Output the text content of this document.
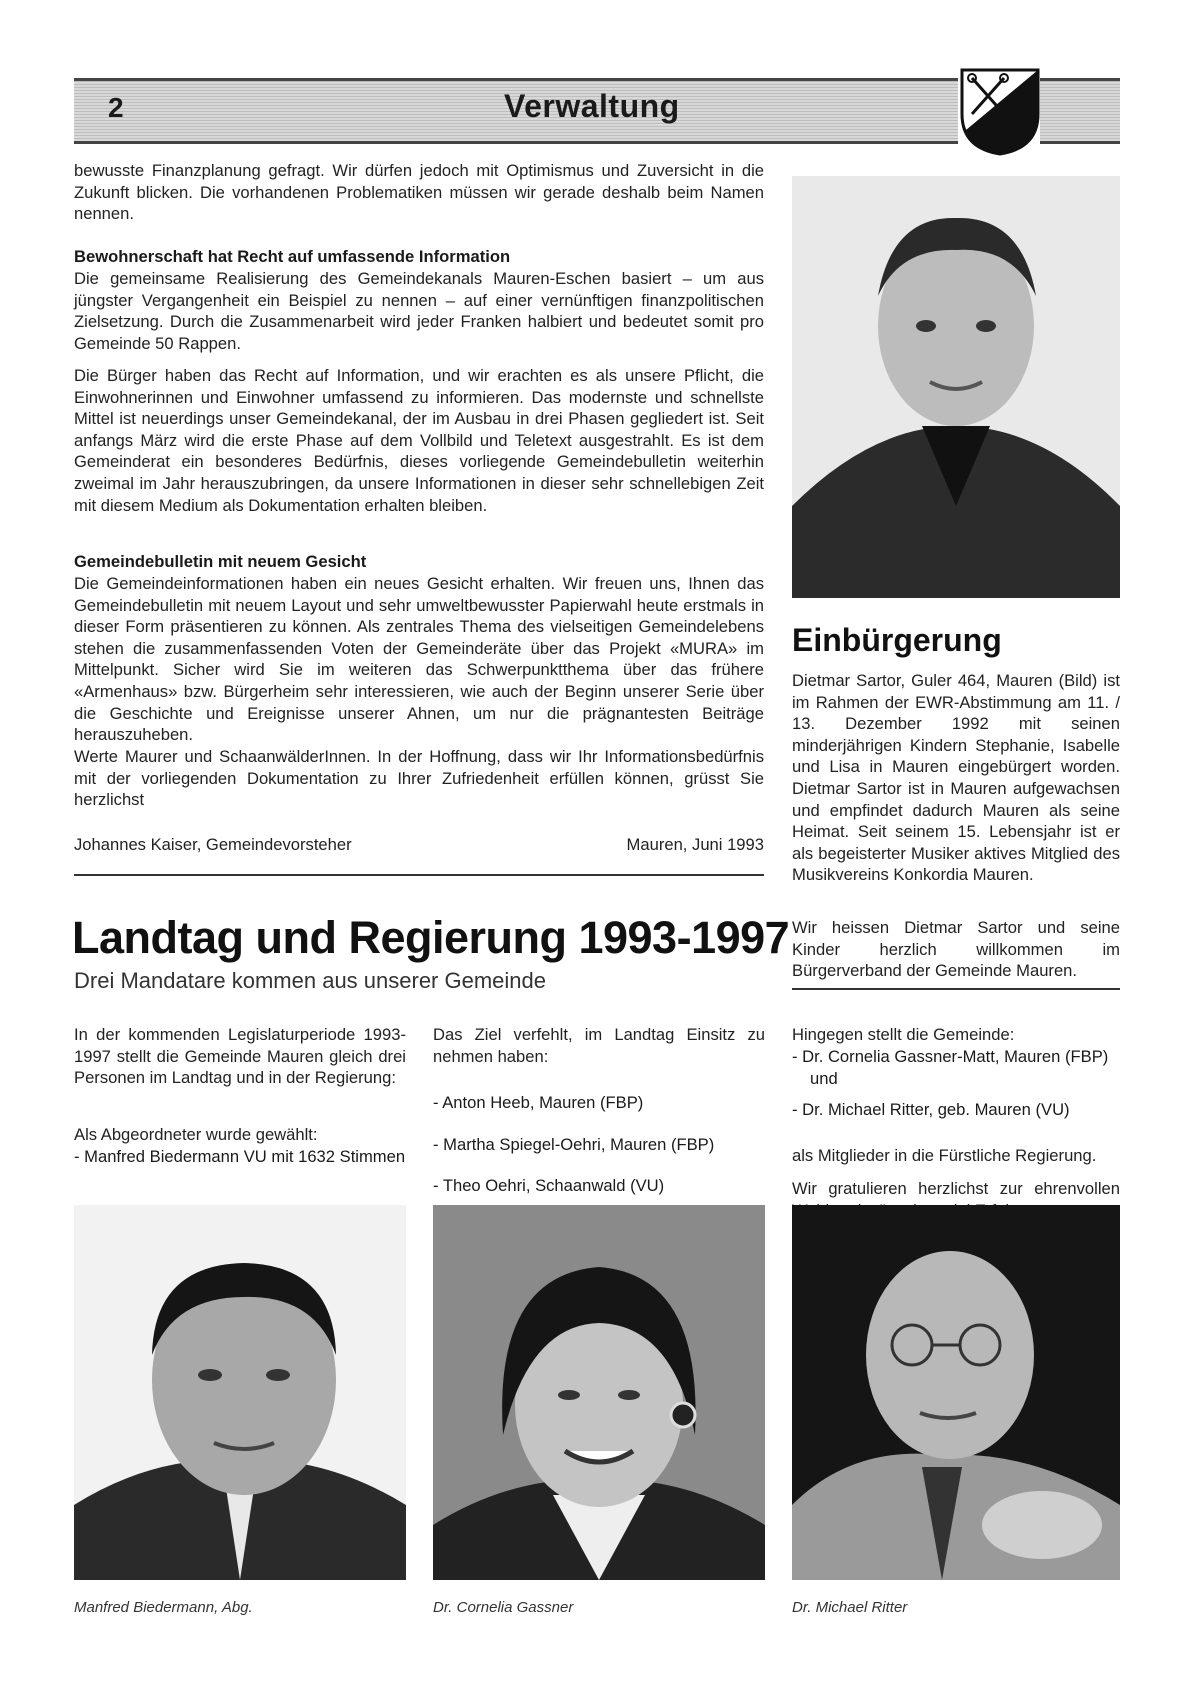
2	Verwaltung

bewusste Finanzplanung gefragt. Wir dürfen jedoch mit Optimismus und Zuversicht in die Zukunft blicken. Die vorhandenen Problematiken müssen wir gerade deshalb beim Namen nennen.

Bewohnerschaft hat Recht auf umfassende Information

Die gemeinsame Realisierung des Gemeindekanals Mauren-Eschen basiert – um aus jüngster Vergangenheit ein Beispiel zu nennen – auf einer vernünftigen finanzpolitischen Zielsetzung. Durch die Zusammenarbeit wird jeder Franken halbiert und bedeutet somit pro Gemeinde 50 Rappen.

Die Bürger haben das Recht auf Information, und wir erachten es als unsere Pflicht, die Einwohnerinnen und Einwohner umfassend zu informieren. Das modernste und schnellste Mittel ist neuerdings unser Gemeindekanal, der im Ausbau in drei Phasen gegliedert ist. Seit anfangs März wird die erste Phase auf dem Vollbild und Teletext ausgestrahlt. Es ist dem Gemeinderat ein besonderes Bedürfnis, dieses vorliegende Gemeindebulletin weiterhin zweimal im Jahr herauszubringen, da unsere Informationen in dieser sehr schnellebigen Zeit mit diesem Medium als Dokumentation erhalten bleiben.

Gemeindebulletin mit neuem Gesicht

Die Gemeindeinformationen haben ein neues Gesicht erhalten. Wir freuen uns, Ihnen das Gemeindebulletin mit neuem Layout und sehr umweltbewusster Papierwahl heute erstmals in dieser Form präsentieren zu können. Als zentrales Thema des vielseitigen Gemeindelebens stehen die zusammenfassenden Voten der Gemeinderäte über das Projekt «MURA» im Mittelpunkt. Sicher wird Sie im weiteren das Schwerpunktthema über das frühere «Armenhaus» bzw. Bürgerheim sehr interessieren, wie auch der Beginn unserer Serie über die Geschichte und Ereignisse unserer Ahnen, um nur die prägnantesten Beiträge herauszuheben.

Werte Maurer und SchaanwälderInnen. In der Hoffnung, dass wir Ihr Informationsbedürfnis mit der vorliegenden Dokumentation zu Ihrer Zufriedenheit erfüllen können, grüsst Sie herzlichst

Johannes Kaiser, Gemeindevorsteher	Mauren, Juni 1993
Einbürgerung

Dietmar Sartor, Guler 464, Mauren (Bild) ist im Rahmen der EWR-Abstimmung am 11. / 13. Dezember 1992 mit seinen minderjährigen Kindern Stephanie, Isabelle und Lisa in Mauren eingebürgert worden. Dietmar Sartor ist in Mauren aufgewachsen und empfindet dadurch Mauren als seine Heimat. Seit seinem 15. Lebensjahr ist er als begeisterter Musiker aktives Mitglied des Musikvereins Konkordia Mauren.

Wir heissen Dietmar Sartor und seine Kinder herzlich willkommen im Bürgerverband der Gemeinde Mauren.

Landtag und Regierung 1993-1997
Drei Mandatare kommen aus unserer Gemeinde

In der kommenden Legislaturperiode 1993-1997 stellt die Gemeinde Mauren gleich drei Personen im Landtag und in der Regierung:

Als Abgeordneter wurde gewählt:

- Manfred Biedermann VU mit 1632 Stimmen

Das Ziel verfehlt, im Landtag Einsitz zu nehmen haben:

- Anton Heeb, Mauren (FBP)
- Martha Spiegel-Oehri, Mauren (FBP)
- Theo Oehri, Schaanwald (VU)

Hingegen stellt die Gemeinde:

- Dr. Cornelia Gassner-Matt, Mauren (FBP) und
- Dr. Michael Ritter, geb. Mauren (VU)

als Mitglieder in die Fürstliche Regierung.

Wir gratulieren herzlichst zur ehrenvollen

Manfred Biedermann, Abg.	Dr. Cornelia Gassner	Dr. Michael Ritter
